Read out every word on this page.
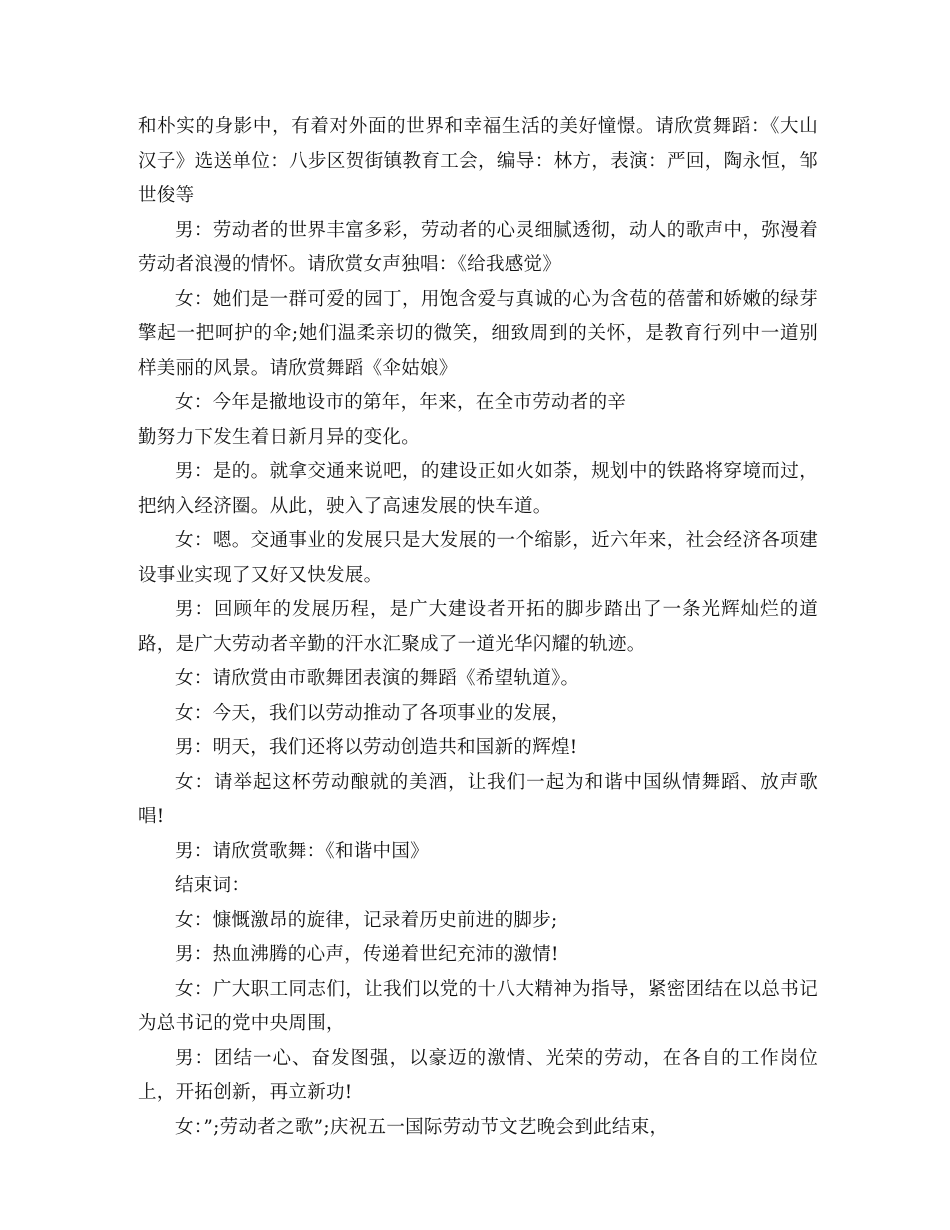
和朴实的身影中，有着对外面的世界和幸福生活的美好憧憬。请欣赏舞蹈：《大山汉子》选送单位：八步区贺街镇教育工会，编导：林方，表演：严回，陶永恒，邹世俊等

男：劳动者的世界丰富多彩，劳动者的心灵细腻透彻，动人的歌声中，弥漫着劳动者浪漫的情怀。请欣赏女声独唱：《给我感觉》

女：她们是一群可爱的园丁，用饱含爱与真诚的心为含苞的蓓蕾和娇嫩的绿芽擎起一把呵护的伞;她们温柔亲切的微笑，细致周到的关怀，是教育行列中一道别样美丽的风景。请欣赏舞蹈《伞姑娘》

女：今年是撤地设市的第年，年来，在全市劳动者的辛

勤努力下发生着日新月异的变化。

男：是的。就拿交通来说吧，的建设正如火如荼，规划中的铁路将穿境而过，把纳入经济圈。从此，驶入了高速发展的快车道。

女：嗯。交通事业的发展只是大发展的一个缩影，近六年来，社会经济各项建设事业实现了又好又快发展。

男：回顾年的发展历程，是广大建设者开拓的脚步踏出了一条光辉灿烂的道路，是广大劳动者辛勤的汗水汇聚成了一道光华闪耀的轨迹。

女：请欣赏由市歌舞团表演的舞蹈《希望轨道》。

女：今天，我们以劳动推动了各项事业的发展，

男：明天，我们还将以劳动创造共和国新的辉煌!

女：请举起这杯劳动酿就的美酒，让我们一起为和谐中国纵情舞蹈、放声歌唱!

男：请欣赏歌舞：《和谐中国》

结束词：

女：慷慨激昂的旋律，记录着历史前进的脚步;

男：热血沸腾的心声，传递着世纪充沛的激情!

女：广大职工同志们，让我们以党的十八大精神为指导，紧密团结在以总书记为总书记的党中央周围，

男：团结一心、奋发图强，以豪迈的激情、光荣的劳动，在各自的工作岗位上，开拓创新，再立新功!

女：”;劳动者之歌”;庆祝五一国际劳动节文艺晚会到此结束，
